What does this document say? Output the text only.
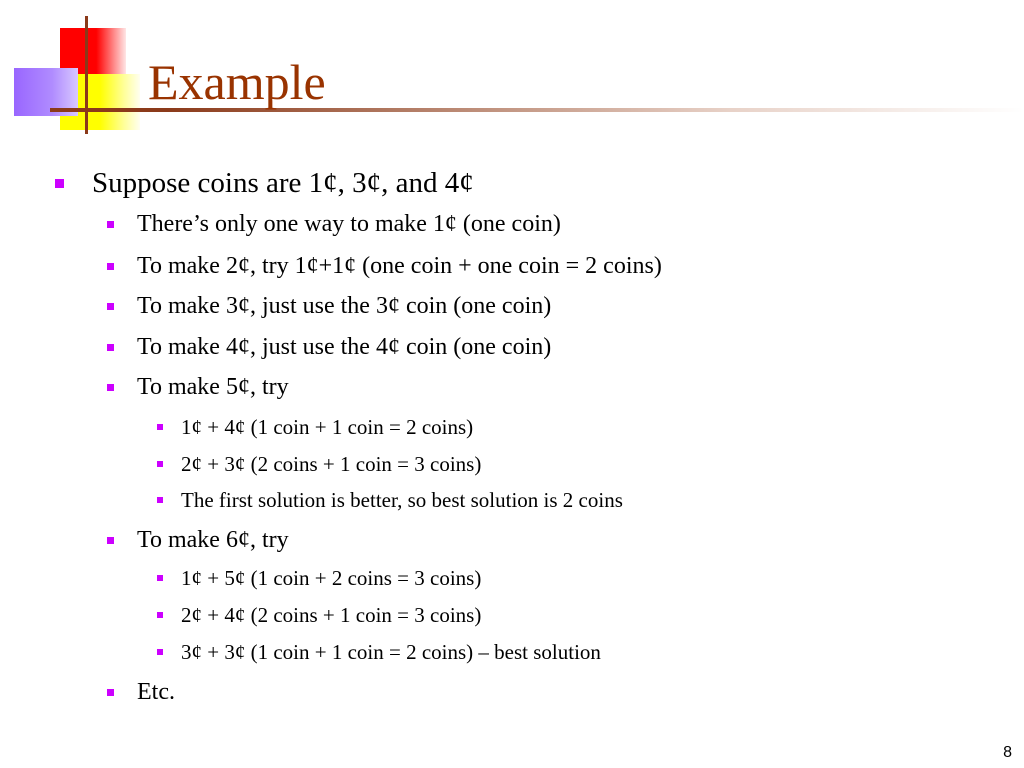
Example
Suppose coins are 1¢, 3¢, and 4¢
There’s only one way to make 1¢ (one coin)
To make 2¢, try 1¢+1¢ (one coin + one coin = 2 coins)
To make 3¢, just use the 3¢ coin (one coin)
To make 4¢, just use the 4¢ coin (one coin)
To make 5¢, try
1¢ + 4¢ (1 coin + 1 coin = 2 coins)
2¢ + 3¢ (2 coins + 1 coin = 3 coins)
The first solution is better, so best solution is 2 coins
To make 6¢, try
1¢ + 5¢ (1 coin + 2 coins = 3 coins)
2¢ + 4¢ (2 coins + 1 coin = 3 coins)
3¢ + 3¢ (1 coin + 1 coin = 2 coins) – best solution
Etc.
8
